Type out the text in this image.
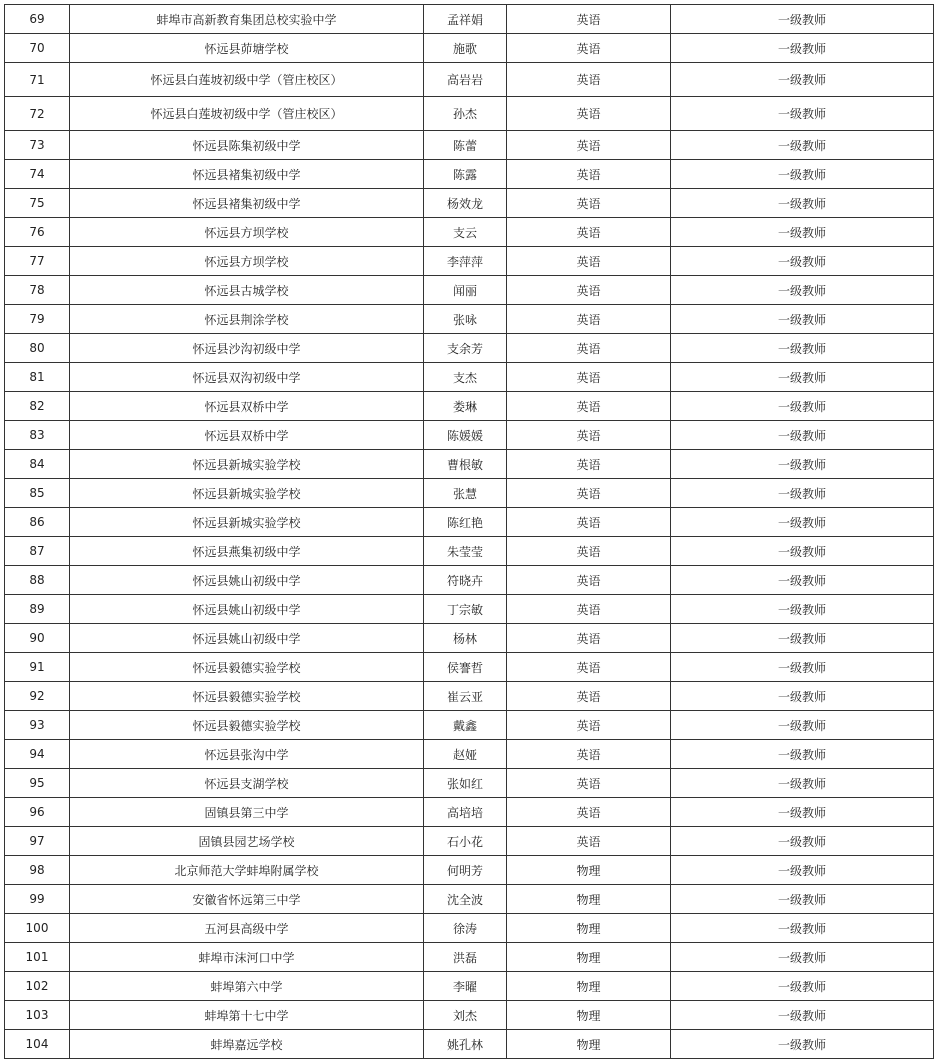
69	蚌埠市高新教育集团总校实验中学	孟祥娟	英语	一级教师
70	怀远县茆塘学校	施歌	英语	一级教师
71	怀远县白莲坡初级中学（管庄校区）	高岩岩	英语	一级教师
72	怀远县白莲坡初级中学（管庄校区）	孙杰	英语	一级教师
73	怀远县陈集初级中学	陈蕾	英语	一级教师
74	怀远县褚集初级中学	陈露	英语	一级教师
75	怀远县褚集初级中学	杨效龙	英语	一级教师
76	怀远县方坝学校	支云	英语	一级教师
77	怀远县方坝学校	李萍萍	英语	一级教师
78	怀远县古城学校	闻丽	英语	一级教师
79	怀远县荆涂学校	张咏	英语	一级教师
80	怀远县沙沟初级中学	支余芳	英语	一级教师
81	怀远县双沟初级中学	支杰	英语	一级教师
82	怀远县双桥中学	娄琳	英语	一级教师
83	怀远县双桥中学	陈媛媛	英语	一级教师
84	怀远县新城实验学校	曹根敏	英语	一级教师
85	怀远县新城实验学校	张慧	英语	一级教师
86	怀远县新城实验学校	陈红艳	英语	一级教师
87	怀远县燕集初级中学	朱莹莹	英语	一级教师
88	怀远县姚山初级中学	符晓卉	英语	一级教师
89	怀远县姚山初级中学	丁宗敏	英语	一级教师
90	怀远县姚山初级中学	杨林	英语	一级教师
91	怀远县毅德实验学校	侯謇哲	英语	一级教师
92	怀远县毅德实验学校	崔云亚	英语	一级教师
93	怀远县毅德实验学校	戴鑫	英语	一级教师
94	怀远县张沟中学	赵娅	英语	一级教师
95	怀远县支湖学校	张如红	英语	一级教师
96	固镇县第三中学	高培培	英语	一级教师
97	固镇县园艺场学校	石小花	英语	一级教师
98	北京师范大学蚌埠附属学校	何明芳	物理	一级教师
99	安徽省怀远第三中学	沈全波	物理	一级教师
100	五河县高级中学	徐涛	物理	一级教师
101	蚌埠市沫河口中学	洪磊	物理	一级教师
102	蚌埠第六中学	李曜	物理	一级教师
103	蚌埠第十七中学	刘杰	物理	一级教师
104	蚌埠嘉远学校	姚孔林	物理	一级教师
